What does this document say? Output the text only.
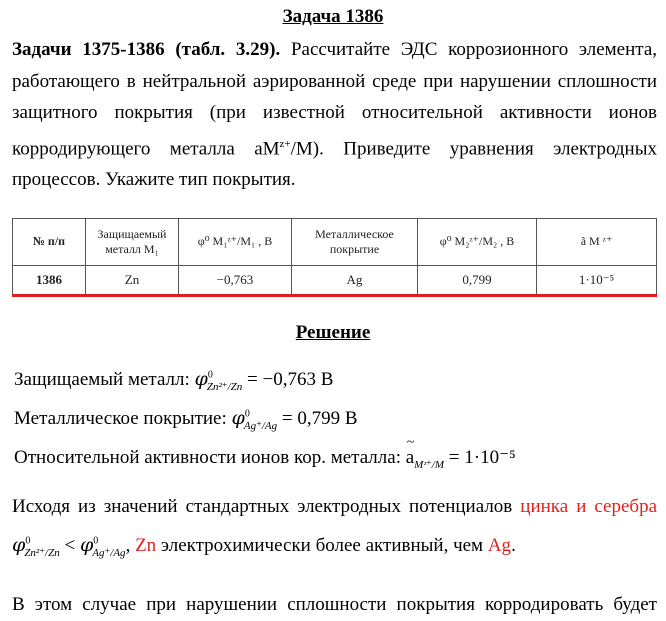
Задача 1386
Задачи 1375-1386 (табл. 3.29). Рассчитайте ЭДС коррозионного элемента,
работающего в нейтральной аэрированной среде при нарушении сплошности
защитного покрытия (при известной относительной активности ионов
корродирующего металла $аM^{z+}/М$). Приведите уравнения электродных
процессов. Укажите тип покрытия.
№ п/п	Защищаемый металл M₁	φ⁰ M₁ᶻ⁺/M₁ , В	Металлическое покрытие	φ⁰ M₂ᶻ⁺/M₂ , В	ã M ᶻ⁺
1386	Zn	−0,763	Ag	0,799	1·10⁻⁵
Решение
Защищаемый металл: $\varphi^0_{Zn^{2+}/Zn} = -0,763$ В
Металлическое покрытие: $\varphi^0_{Ag^+/Ag} = 0,799$ В
Относительной активности ионов кор. металла: a
~
$_{Mᶻ^+/M}$ = 1·10⁻⁵
Исходя из значений стандартных электродных потенциалов цинка и серебра
$\varphi^0_{Zn^{2+}/Zn} < \varphi^0_{Ag^+/Ag}$, Zn электрохимически более активный, чем Ag.
В этом случае при нарушении сплошности покрытия корродировать будет
